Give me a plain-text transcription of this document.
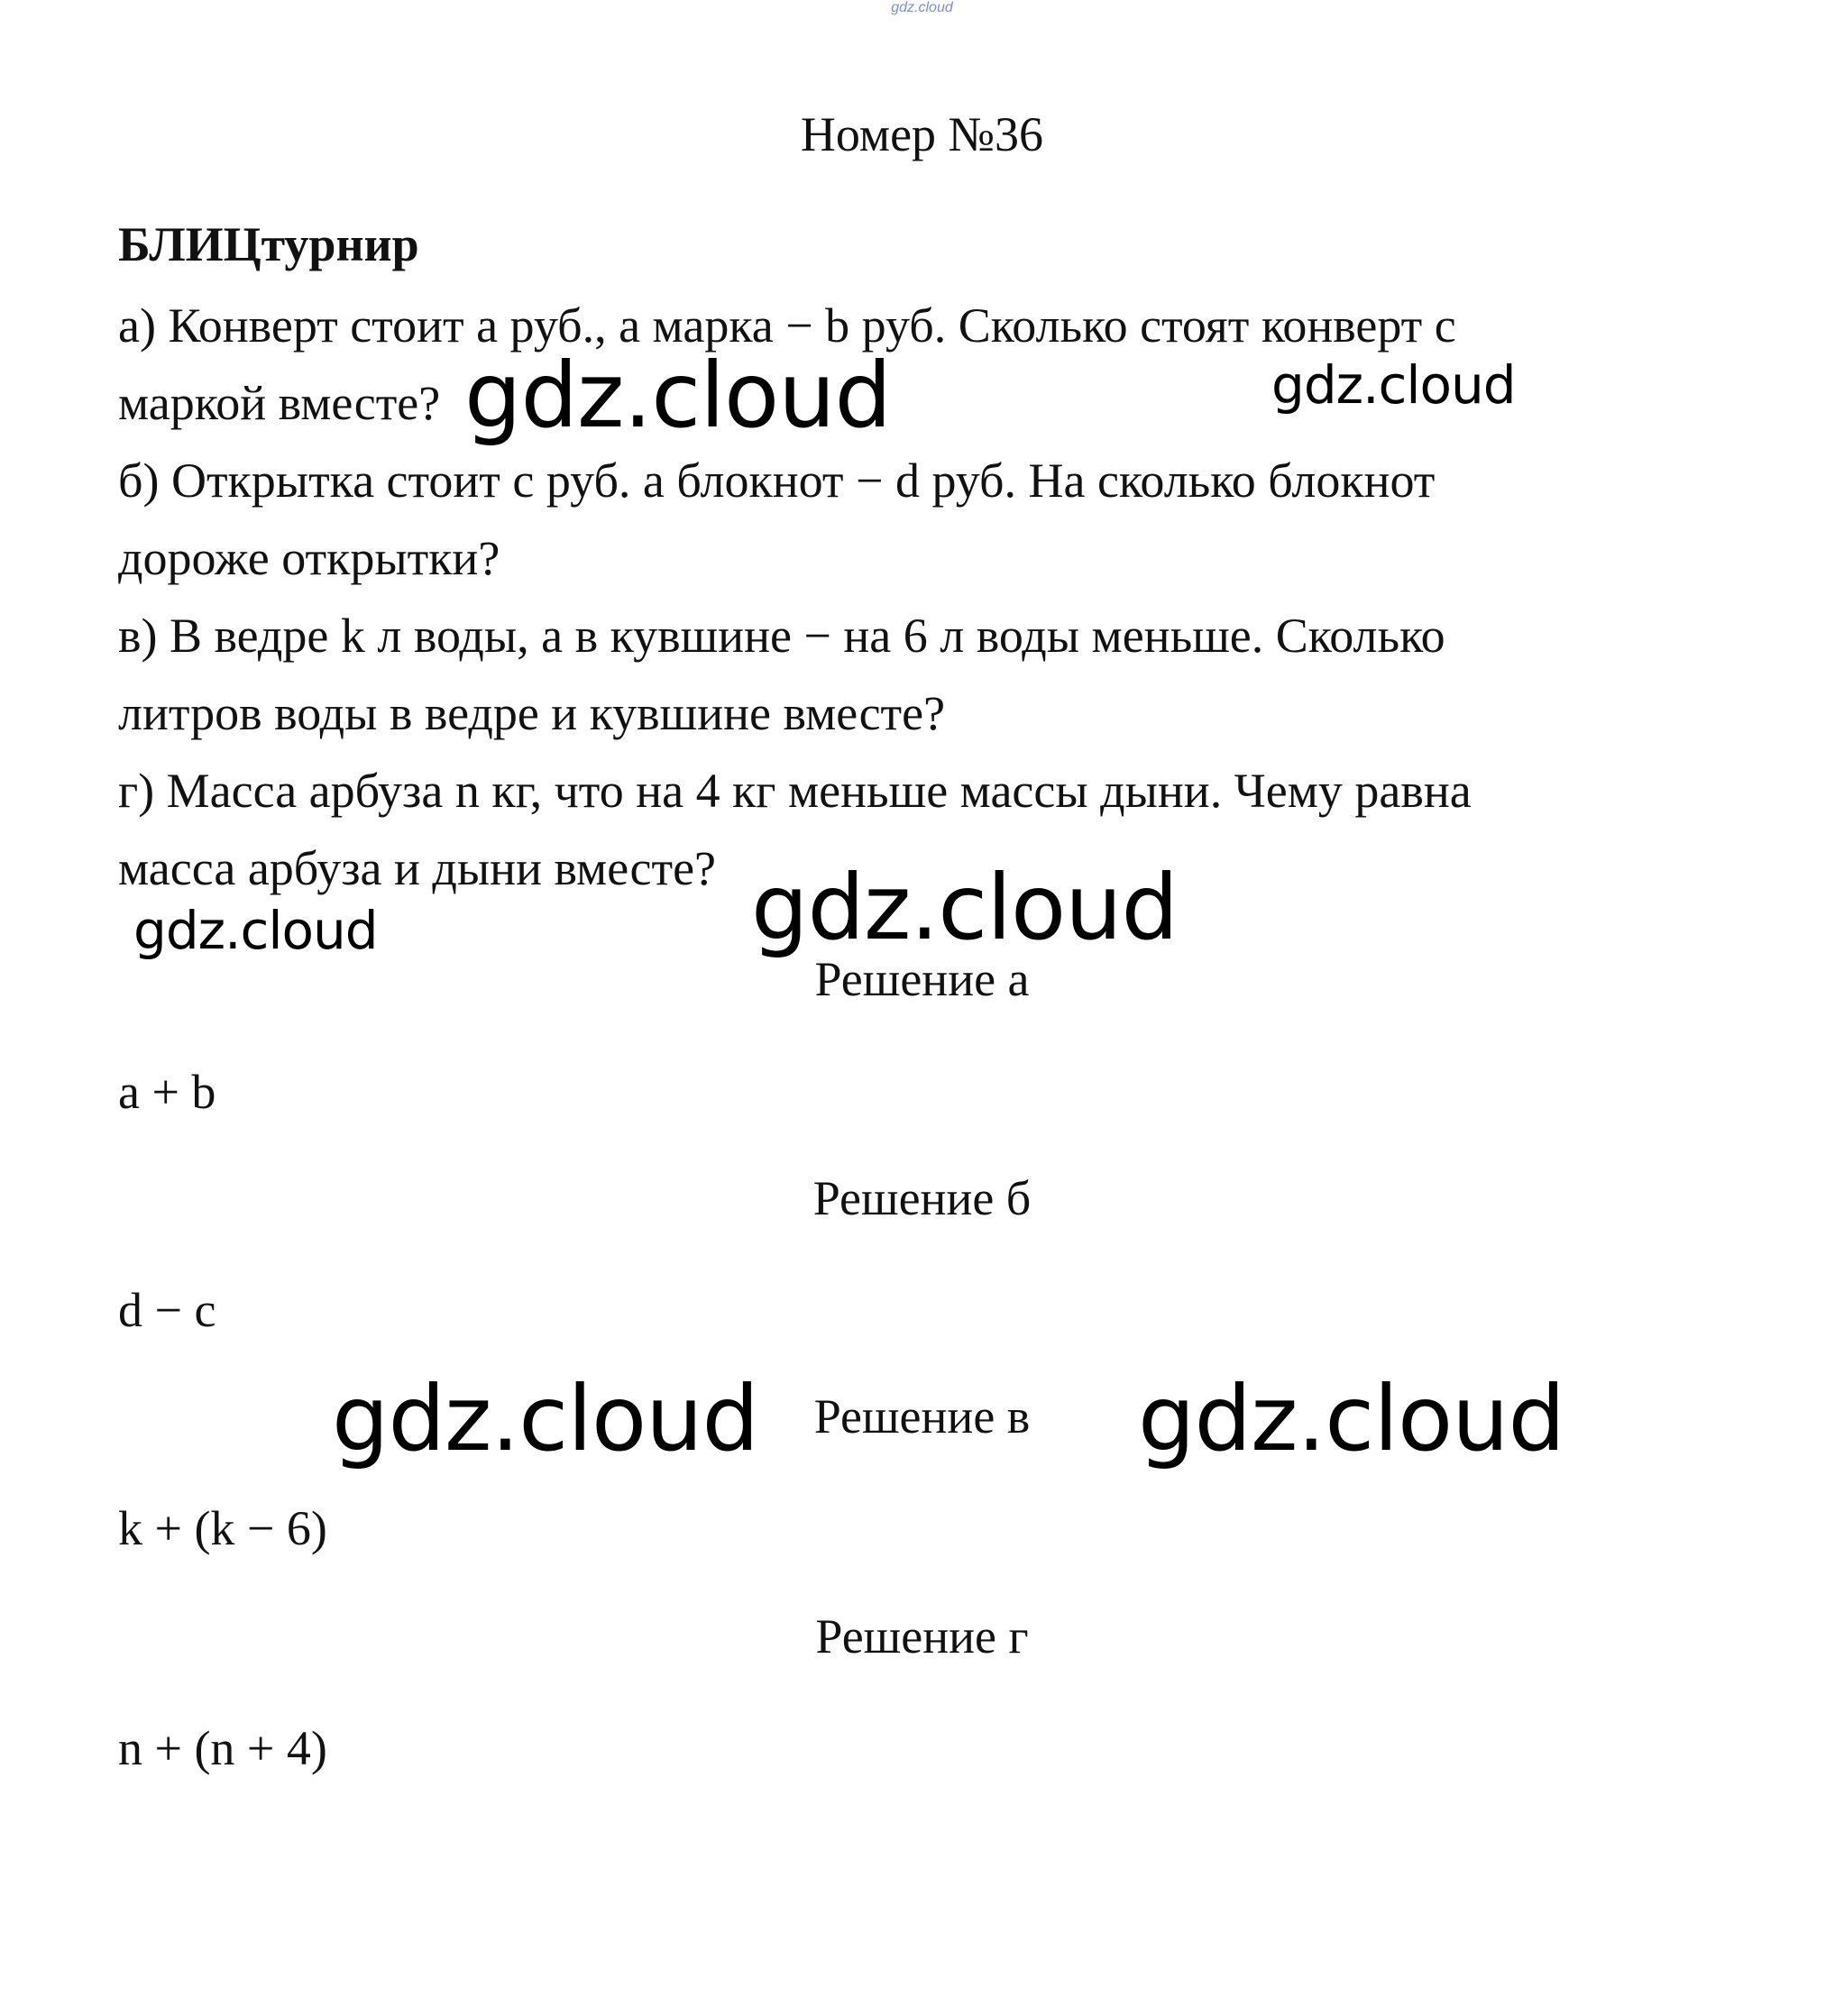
gdz.cloud
Номер №36
БЛИЦтурнир
а) Конверт стоит a руб., а марка − b руб. Сколько стоят конверт с
маркой вместе?
б) Открытка стоит c руб. а блокнот − d руб. На сколько блокнот
дороже открытки?
в) В ведре k л воды, а в кувшине − на 6 л воды меньше. Сколько
литров воды в ведре и кувшине вместе?
г) Масса арбуза n кг, что на 4 кг меньше массы дыни. Чему равна
масса арбуза и дыни вместе?
Решение а
a + b
Решение б
d − c
Решение в
k + (k − 6)
Решение г
n + (n + 4)
gdz.cloud	gdz.cloud
gdz.cloud	gdz.cloud
gdz.cloud	gdz.cloud
